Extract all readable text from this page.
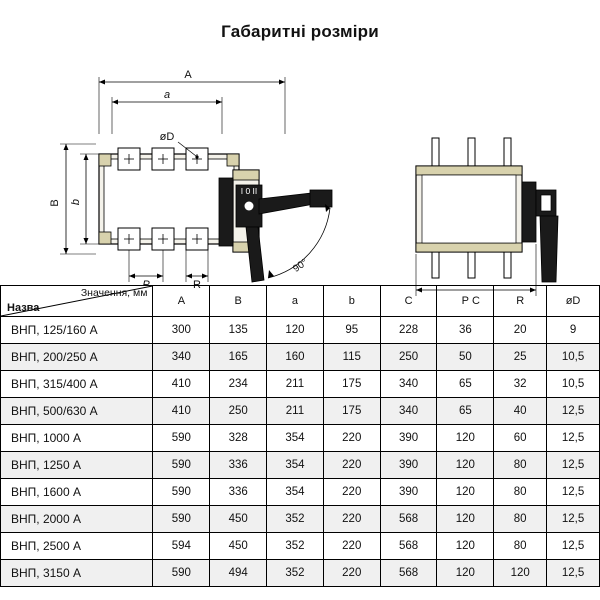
Габаритні розміри
A
a
øD
B b
R
90°
C
I 0 II
Назва
Значення, мм	A	B	a	b	C	P	R	øD
ВНП, 125/160 А	300	135	120	95	228	36	20	9
ВНП, 200/250 А	340	165	160	115	250	50	25	10,5
ВНП, 315/400 А	410	234	211	175	340	65	32	10,5
ВНП, 500/630 А	410	250	211	175	340	65	40	12,5
ВНП, 1000 А	590	328	354	220	390	120	60	12,5
ВНП, 1250 А	590	336	354	220	390	120	80	12,5
ВНП, 1600 А	590	336	354	220	390	120	80	12,5
ВНП, 2000 А	590	450	352	220	568	120	80	12,5
ВНП, 2500 А	594	450	352	220	568	120	80	12,5
ВНП, 3150 А	590	494	352	220	568	120	120	12,5
